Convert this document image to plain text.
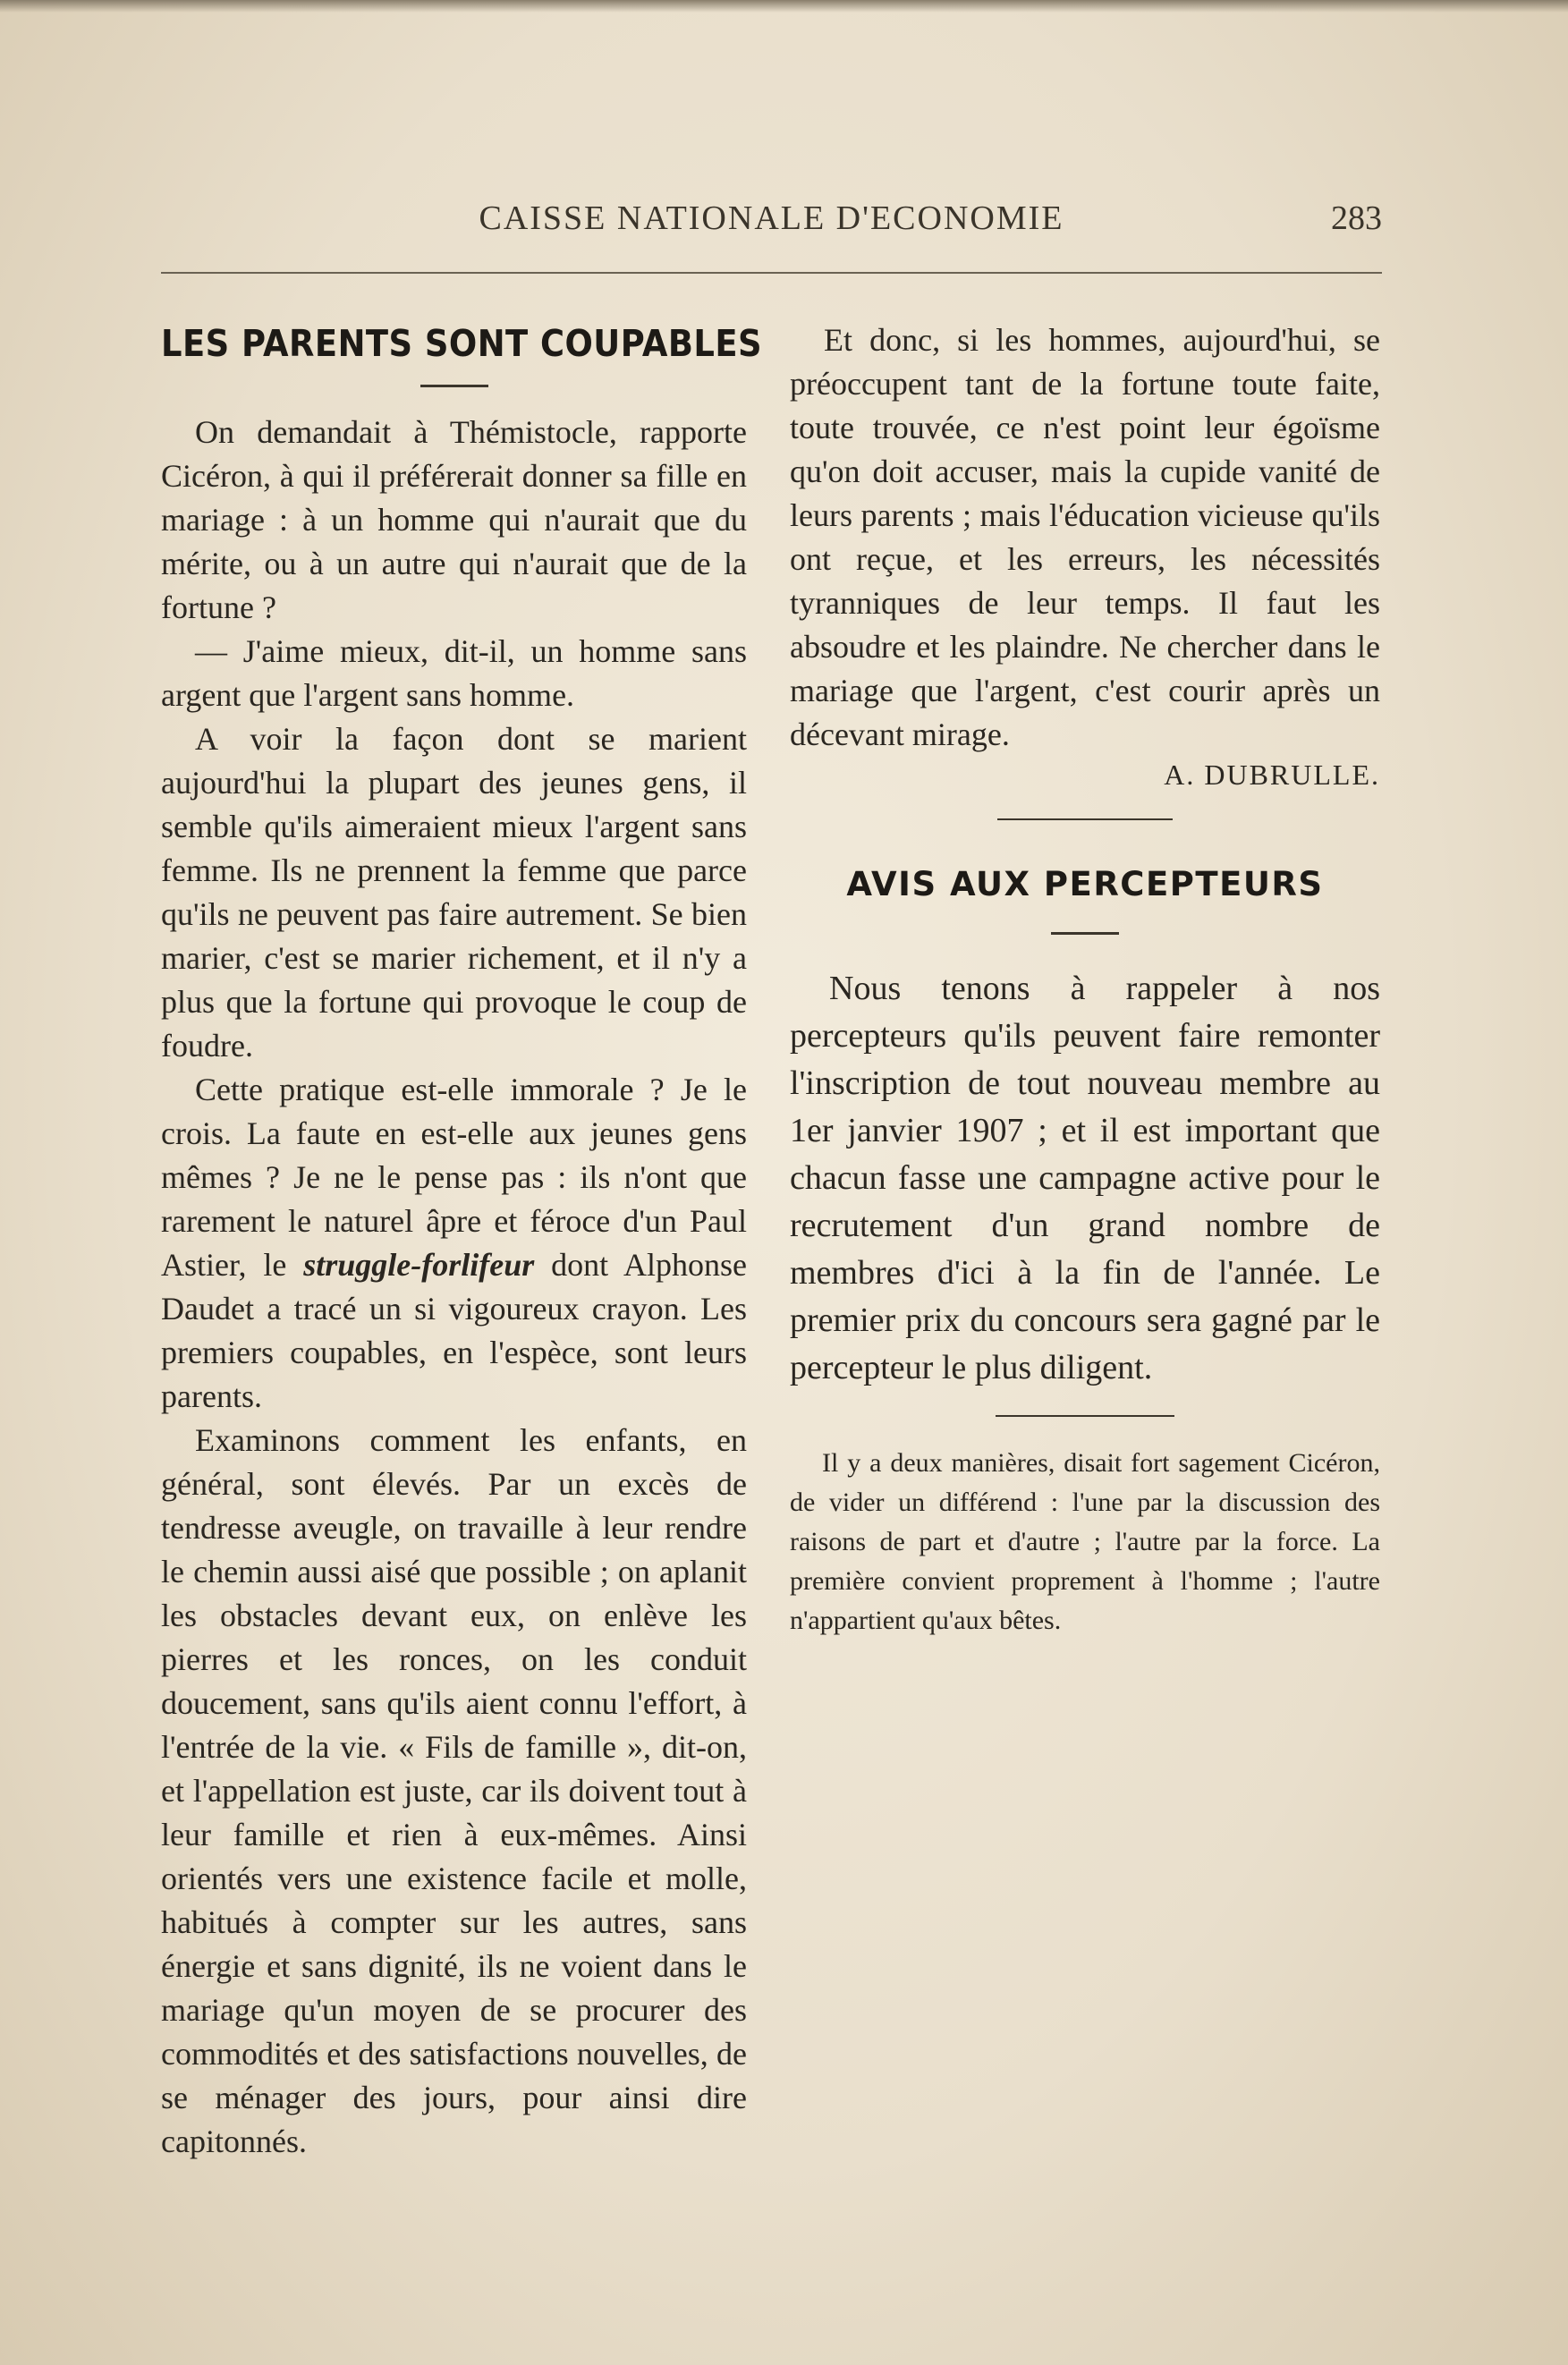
CAISSE NATIONALE D'ECONOMIE	283
LES PARENTS SONT COUPABLES

On demandait à Thémistocle, rapporte Cicéron, à qui il préférerait donner sa fille en mariage : à un homme qui n'aurait que du mérite, ou à un autre qui n'aurait que de la fortune ?

— J'aime mieux, dit-il, un homme sans argent que l'argent sans homme.

A voir la façon dont se marient aujourd'hui la plupart des jeunes gens, il semble qu'ils aimeraient mieux l'argent sans femme. Ils ne prennent la femme que parce qu'ils ne peuvent pas faire autrement. Se bien marier, c'est se marier richement, et il n'y a plus que la fortune qui provoque le coup de foudre.

Cette pratique est-elle immorale ? Je le crois. La faute en est-elle aux jeunes gens mêmes ? Je ne le pense pas : ils n'ont que rarement le naturel âpre et féroce d'un Paul Astier, le struggle-forlifeur dont Alphonse Daudet a tracé un si vigoureux crayon. Les premiers coupables, en l'espèce, sont leurs parents.

Examinons comment les enfants, en général, sont élevés. Par un excès de tendresse aveugle, on travaille à leur rendre le chemin aussi aisé que possible ; on aplanit les obstacles devant eux, on enlève les pierres et les ronces, on les conduit doucement, sans qu'ils aient connu l'effort, à l'entrée de la vie. « Fils de famille », dit-on, et l'appellation est juste, car ils doivent tout à leur famille et rien à eux-mêmes. Ainsi orientés vers une existence facile et molle, habitués à compter sur les autres, sans énergie et sans dignité, ils ne voient dans le mariage qu'un moyen de se procurer des commodités et des satisfactions nouvelles, de se ménager des jours, pour ainsi dire capitonnés.

Et donc, si les hommes, aujourd'hui, se préoccupent tant de la fortune toute faite, toute trouvée, ce n'est point leur égoïsme qu'on doit accuser, mais la cupide vanité de leurs parents ; mais l'éducation vicieuse qu'ils ont reçue, et les erreurs, les nécessités tyranniques de leur temps. Il faut les absoudre et les plaindre. Ne chercher dans le mariage que l'argent, c'est courir après un décevant mirage.

A. DUBRULLE.

AVIS AUX PERCEPTEURS

Nous tenons à rappeler à nos percepteurs qu'ils peuvent faire remonter l'inscription de tout nouveau membre au 1er janvier 1907 ; et il est important que chacun fasse une campagne active pour le recrutement d'un grand nombre de membres d'ici à la fin de l'année. Le premier prix du concours sera gagné par le percepteur le plus diligent.

Il y a deux manières, disait fort sagement Cicéron, de vider un différend : l'une par la discussion des raisons de part et d'autre ; l'autre par la force. La première convient proprement à l'homme ; l'autre n'appartient qu'aux bêtes.
